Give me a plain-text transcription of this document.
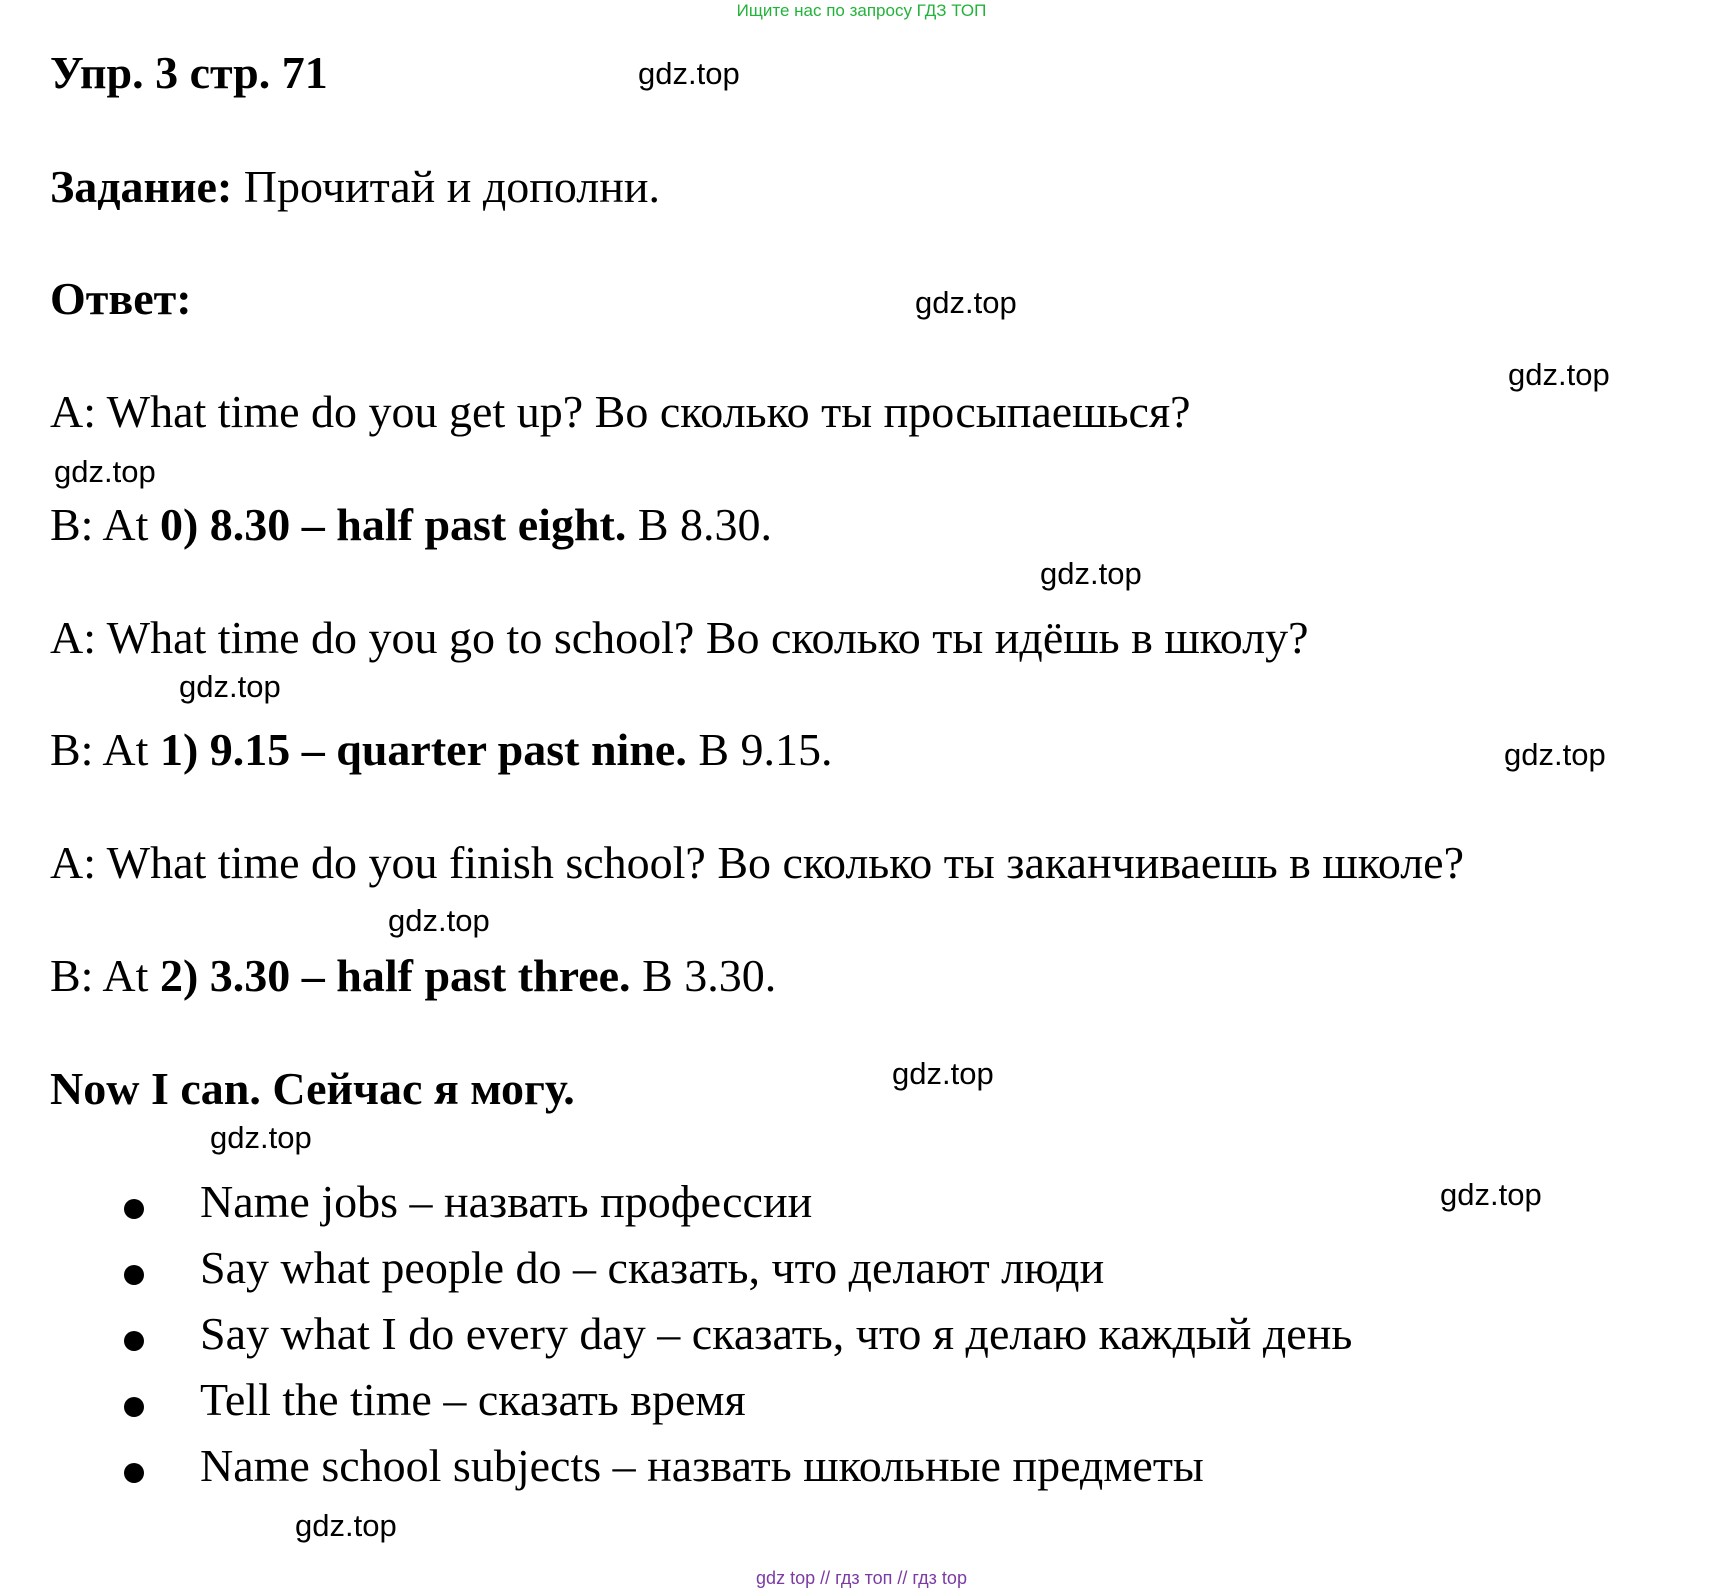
Ищите нас по запросу ГДЗ ТОП
Упр. 3 стр. 71
Задание: Прочитай и дополни.
Ответ:
A: What time do you get up? Во сколько ты просыпаешься?
B: At 0) 8.30 – half past eight. В 8.30.
A: What time do you go to school? Во сколько ты идёшь в школу?
B: At 1) 9.15 – quarter past nine. В 9.15.
A: What time do you finish school? Во сколько ты заканчиваешь в школе?
B: At 2) 3.30 – half past three. В 3.30.
Now I can. Сейчас я могу.
Name jobs – назвать профессии
Say what people do – сказать, что делают люди
Say what I do every day – сказать, что я делаю каждый день
Tell the time – сказать время
Name school subjects – назвать школьные предметы
gdz.top
gdz.top
gdz.top
gdz.top
gdz.top
gdz.top
gdz.top
gdz.top
gdz.top
gdz.top
gdz.top
gdz.top
gdz top // гдз топ // гдз top
